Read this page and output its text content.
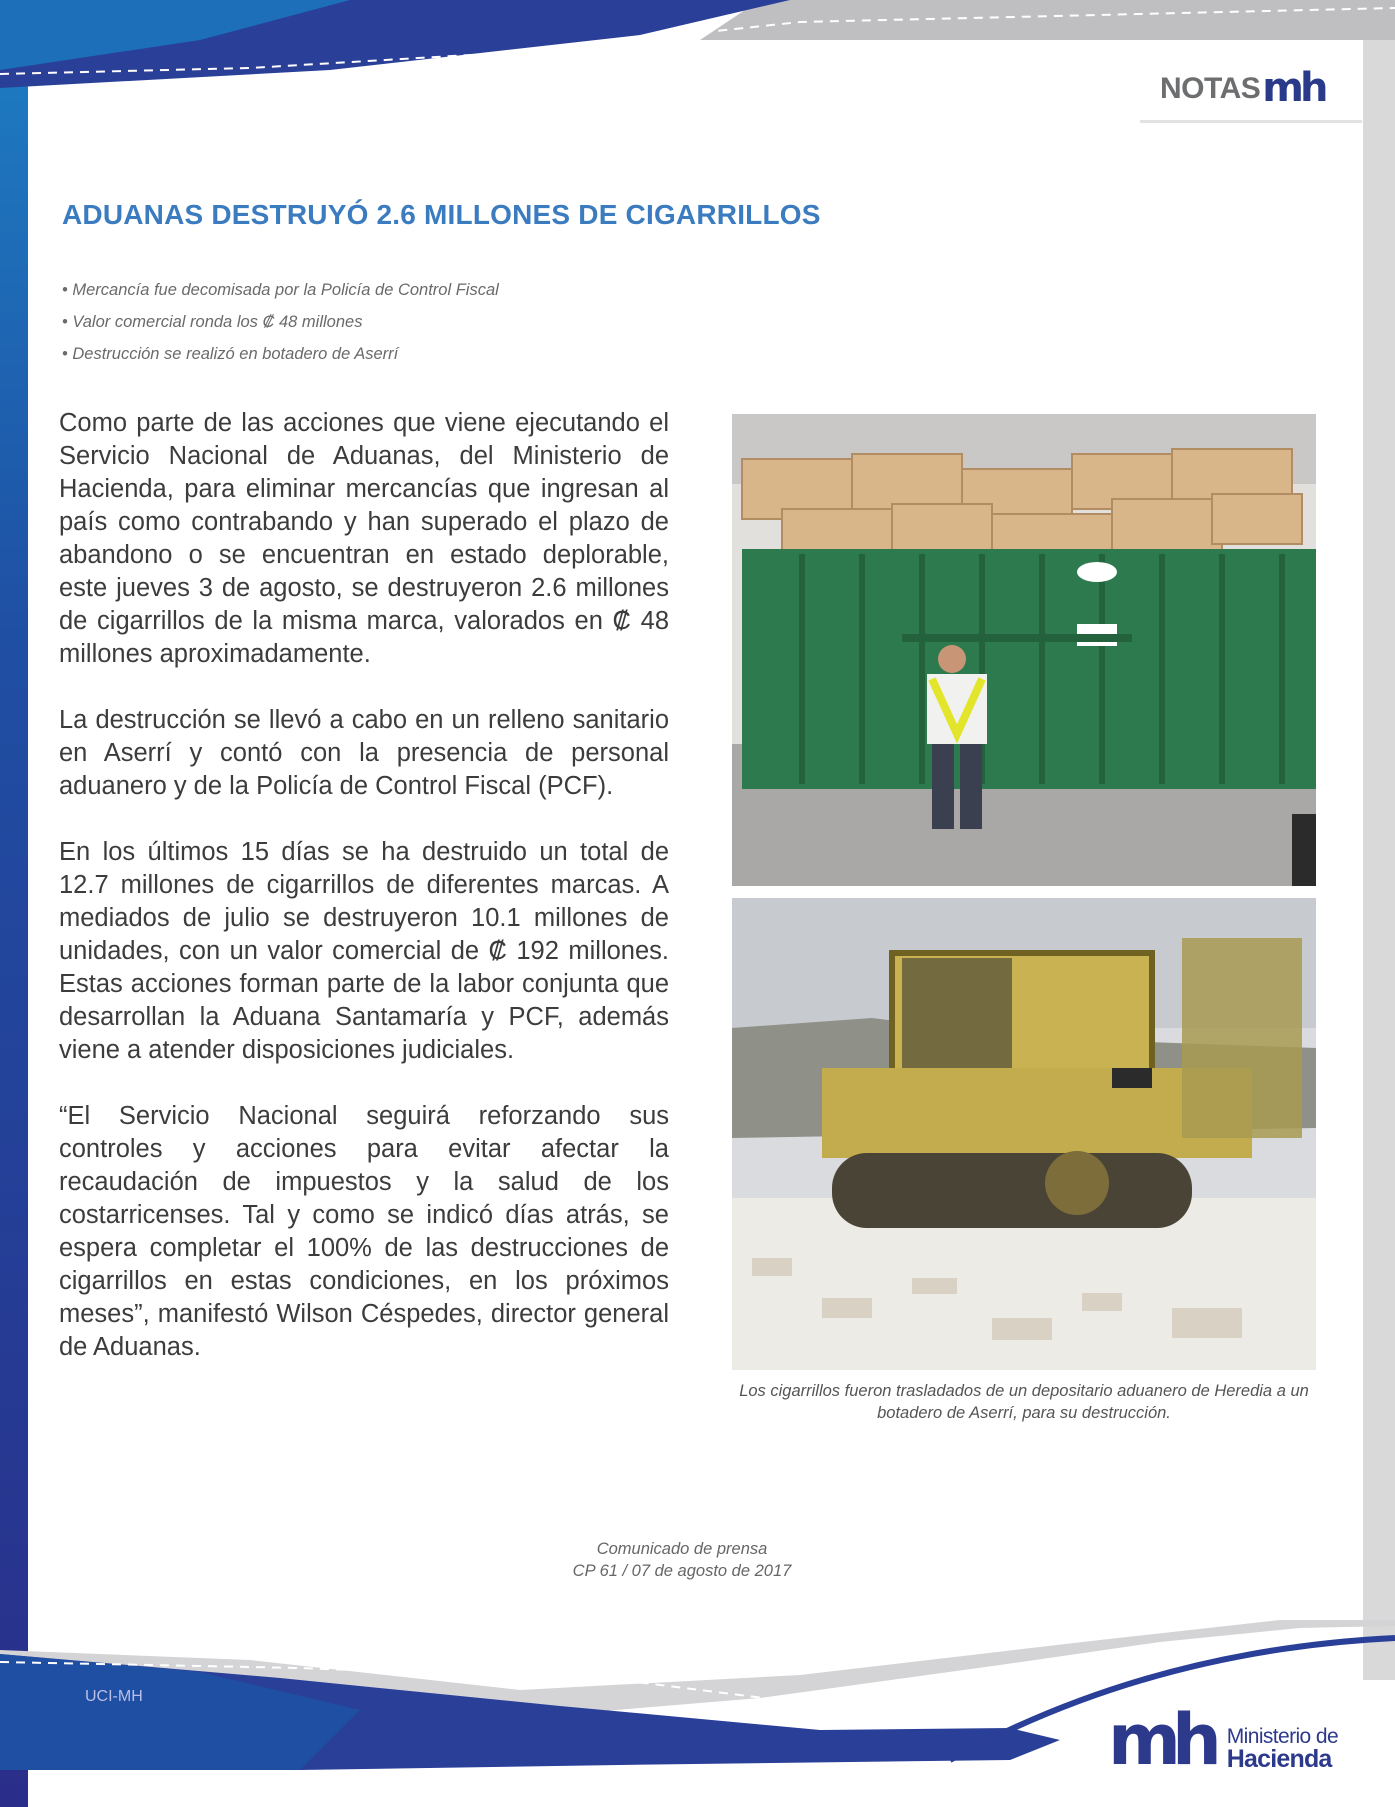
NOTAS mh
ADUANAS DESTRUYÓ 2.6 MILLONES DE CIGARRILLOS
• Mercancía fue decomisada por la Policía de Control Fiscal
• Valor comercial ronda los ₡ 48 millones
• Destrucción se realizó en botadero de Aserrí

Como parte de las acciones que viene ejecutando el Servicio Nacional de Aduanas, del Ministerio de Hacienda, para eliminar mercancías que ingresan al país como contrabando y han superado el plazo de abandono o se encuentran en estado deplorable, este jueves 3 de agosto, se destruyeron 2.6 millones de cigarrillos de la misma marca, valorados en ₡ 48 millones aproximadamente.

La destrucción se llevó a cabo en un relleno sanitario en Aserrí y contó con la presencia de personal aduanero y de la Policía de Control Fiscal (PCF).

En los últimos 15 días se ha destruido un total de 12.7 millones de cigarrillos de diferentes marcas. A mediados de julio se destruyeron 10.1 millones de unidades, con un valor comercial de ₡ 192 millones. Estas acciones forman parte de la labor conjunta que desarrollan la Aduana Santamaría y PCF, además viene a atender disposiciones judiciales.

“El Servicio Nacional seguirá reforzando sus controles y acciones para evitar afectar la recaudación de impuestos y la salud de los costarricenses. Tal y como se indicó días atrás, se espera completar el 100% de las destrucciones de cigarrillos en estas condiciones, en los próximos meses”, manifestó Wilson Céspedes, director general de Aduanas.

Los cigarrillos fueron trasladados de un depositario aduanero de Heredia a un botadero de Aserrí, para su destrucción.

Comunicado de prensa
CP 61 / 07 de agosto de 2017
UCI-MH
mh Ministerio de
Hacienda
